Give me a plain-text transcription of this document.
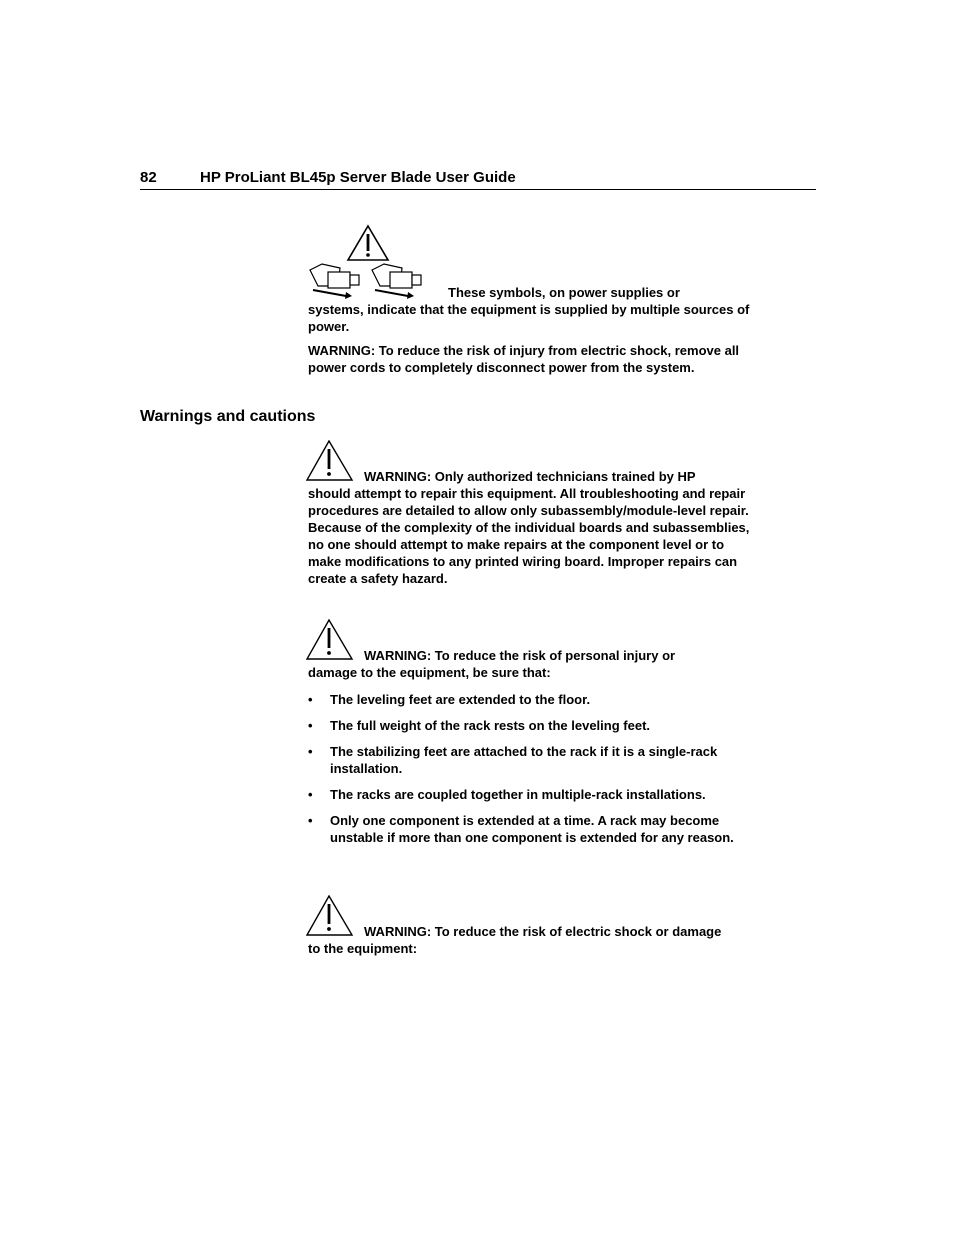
82	HP ProLiant BL45p Server Blade User Guide
These symbols, on power supplies or
systems, indicate that the equipment is supplied by multiple sources of power.
WARNING: To reduce the risk of injury from electric shock, remove all power cords to completely disconnect power from the system.
Warnings and cautions
WARNING: Only authorized technicians trained by HP
should attempt to repair this equipment. All troubleshooting and repair procedures are detailed to allow only subassembly/module-level repair. Because of the complexity of the individual boards and subassemblies, no one should attempt to make repairs at the component level or to make modifications to any printed wiring board. Improper repairs can create a safety hazard.
WARNING: To reduce the risk of personal injury or
damage to the equipment, be sure that:
• The leveling feet are extended to the floor.
• The full weight of the rack rests on the leveling feet.
• The stabilizing feet are attached to the rack if it is a single-rack installation.
• The racks are coupled together in multiple-rack installations.
• Only one component is extended at a time. A rack may become unstable if more than one component is extended for any reason.
WARNING: To reduce the risk of electric shock or damage
to the equipment:
